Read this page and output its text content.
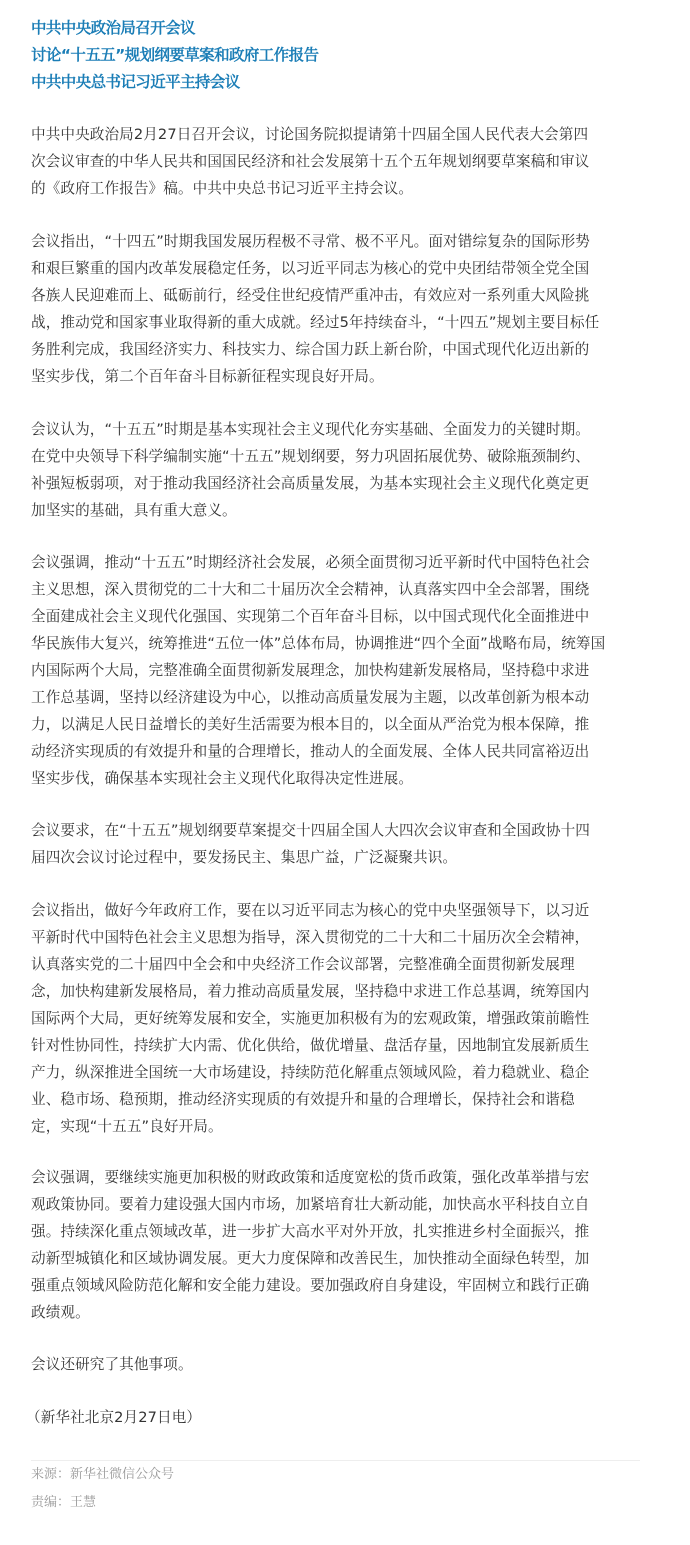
中共中央政治局召开会议
讨论“十五五”规划纲要草案和政府工作报告
中共中央总书记习近平主持会议
中共中央政治局2月27日召开会议，讨论国务院拟提请第十四届全国人民代表大会第四
次会议审查的中华人民共和国国民经济和社会发展第十五个五年规划纲要草案稿和审议
的《政府工作报告》稿。中共中央总书记习近平主持会议。
会议指出，“十四五”时期我国发展历程极不寻常、极不平凡。面对错综复杂的国际形势
和艰巨繁重的国内改革发展稳定任务，以习近平同志为核心的党中央团结带领全党全国
各族人民迎难而上、砥砺前行，经受住世纪疫情严重冲击，有效应对一系列重大风险挑
战，推动党和国家事业取得新的重大成就。经过5年持续奋斗，“十四五”规划主要目标任
务胜利完成，我国经济实力、科技实力、综合国力跃上新台阶，中国式现代化迈出新的
坚实步伐，第二个百年奋斗目标新征程实现良好开局。
会议认为，“十五五”时期是基本实现社会主义现代化夯实基础、全面发力的关键时期。
在党中央领导下科学编制实施“十五五”规划纲要，努力巩固拓展优势、破除瓶颈制约、
补强短板弱项，对于推动我国经济社会高质量发展，为基本实现社会主义现代化奠定更
加坚实的基础，具有重大意义。
会议强调，推动“十五五”时期经济社会发展，必须全面贯彻习近平新时代中国特色社会
主义思想，深入贯彻党的二十大和二十届历次全会精神，认真落实四中全会部署，围绕
全面建成社会主义现代化强国、实现第二个百年奋斗目标，以中国式现代化全面推进中
华民族伟大复兴，统筹推进“五位一体”总体布局，协调推进“四个全面”战略布局，统筹国
内国际两个大局，完整准确全面贯彻新发展理念，加快构建新发展格局，坚持稳中求进
工作总基调，坚持以经济建设为中心，以推动高质量发展为主题，以改革创新为根本动
力，以满足人民日益增长的美好生活需要为根本目的，以全面从严治党为根本保障，推
动经济实现质的有效提升和量的合理增长，推动人的全面发展、全体人民共同富裕迈出
坚实步伐，确保基本实现社会主义现代化取得决定性进展。
会议要求，在“十五五”规划纲要草案提交十四届全国人大四次会议审查和全国政协十四
届四次会议讨论过程中，要发扬民主、集思广益，广泛凝聚共识。
会议指出，做好今年政府工作，要在以习近平同志为核心的党中央坚强领导下，以习近
平新时代中国特色社会主义思想为指导，深入贯彻党的二十大和二十届历次全会精神，
认真落实党的二十届四中全会和中央经济工作会议部署，完整准确全面贯彻新发展理
念，加快构建新发展格局，着力推动高质量发展，坚持稳中求进工作总基调，统筹国内
国际两个大局，更好统筹发展和安全，实施更加积极有为的宏观政策，增强政策前瞻性
针对性协同性，持续扩大内需、优化供给，做优增量、盘活存量，因地制宜发展新质生
产力，纵深推进全国统一大市场建设，持续防范化解重点领域风险，着力稳就业、稳企
业、稳市场、稳预期，推动经济实现质的有效提升和量的合理增长，保持社会和谐稳
定，实现“十五五”良好开局。
会议强调，要继续实施更加积极的财政政策和适度宽松的货币政策，强化改革举措与宏
观政策协同。要着力建设强大国内市场，加紧培育壮大新动能，加快高水平科技自立自
强。持续深化重点领域改革，进一步扩大高水平对外开放，扎实推进乡村全面振兴，推
动新型城镇化和区域协调发展。更大力度保障和改善民生，加快推动全面绿色转型，加
强重点领域风险防范化解和安全能力建设。要加强政府自身建设，牢固树立和践行正确
政绩观。
会议还研究了其他事项。
（新华社北京2月27日电）
来源：新华社微信公众号
责编：王慧
